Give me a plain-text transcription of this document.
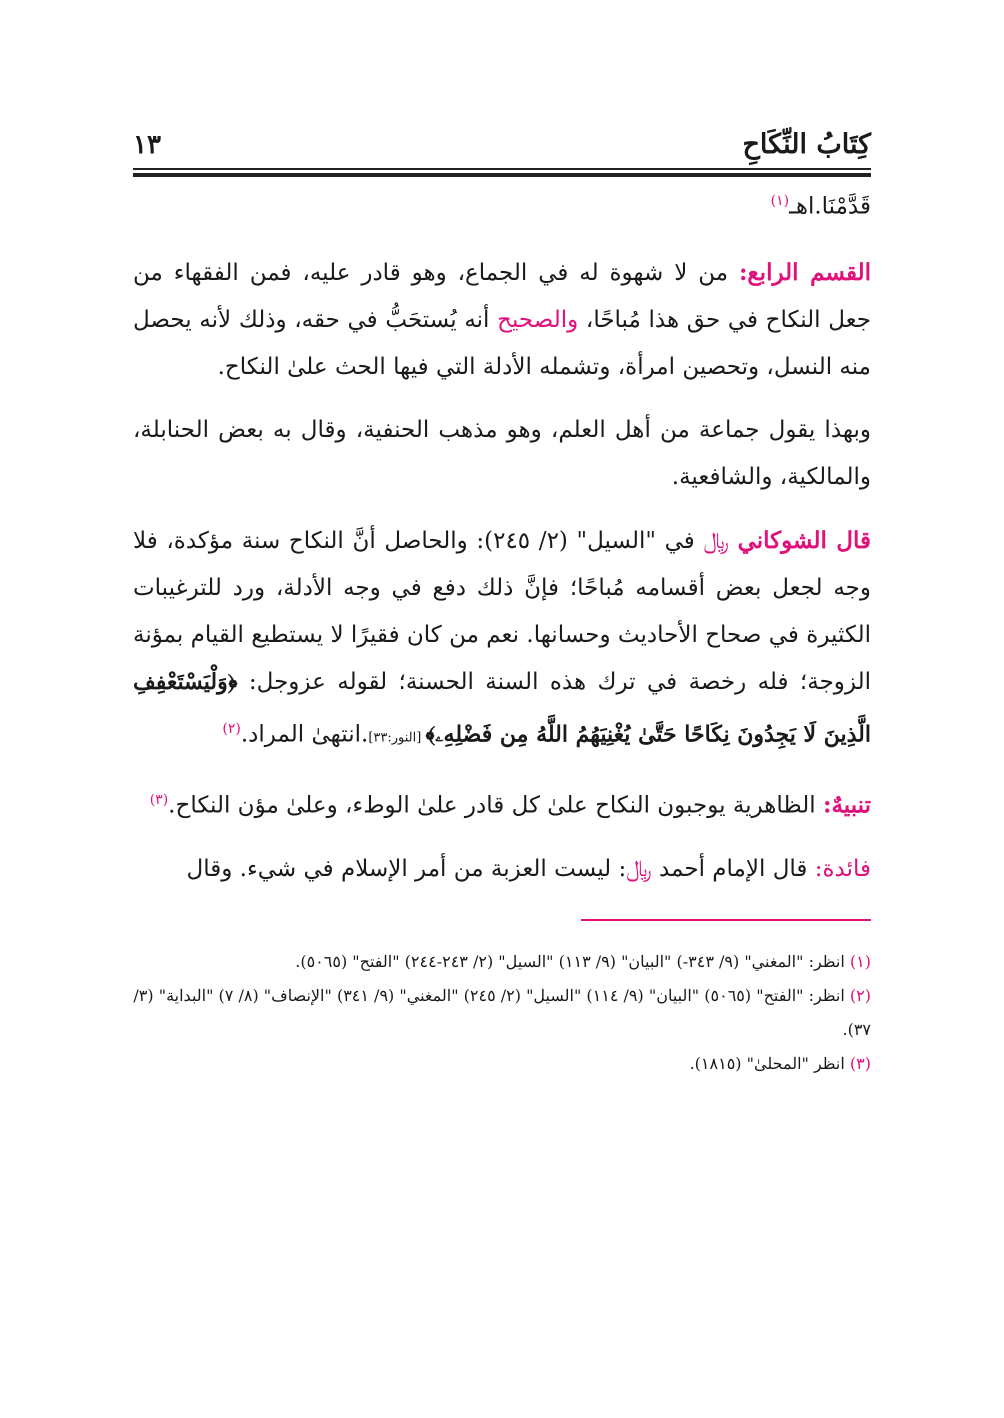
كِتَابُ النِّكَاحِ
١٣

قَدَّمْنَا.اهـ$^{(١)}$

القسم الرابع: من لا شهوة له في الجماع، وهو قادر عليه، فمن الفقهاء من جعل النكاح في حق هذا مُباحًا، والصحيح أنه يُستحَبُّ في حقه، وذلك لأنه يحصل منه النسل، وتحصين امرأة، وتشمله الأدلة التي فيها الحث علىٰ النكاح.

وبهذا يقول جماعة من أهل العلم، وهو مذهب الحنفية، وقال به بعض الحنابلة، والمالكية، والشافعية.

قال الشوكاني ﷼ في "السيل" (٢/ ٢٤٥): والحاصل أنَّ النكاح سنة مؤكدة، فلا وجه لجعل بعض أقسامه مُباحًا؛ فإنَّ ذلك دفع في وجه الأدلة، ورد للترغيبات الكثيرة في صحاح الأحاديث وحسانها. نعم من كان فقيرًا لا يستطيع القيام بمؤنة الزوجة؛ فله رخصة في ترك هذه السنة الحسنة؛ لقوله عزوجل: ﴿وَلْيَسْتَعْفِفِ الَّذِينَ لَا يَجِدُونَ نِكَاحًا حَتَّىٰ يُغْنِيَهُمُ اللَّهُ مِن فَضْلِهِۦ﴾ [النور:٣٣].انتهىٰ المراد.$^{(٢)}$

تنبيهٌ: الظاهرية يوجبون النكاح علىٰ كل قادر علىٰ الوطء، وعلىٰ مؤن النكاح.$^{(٣)}$

فائدة: قال الإمام أحمد ﷼: ليست العزبة من أمر الإسلام في شيء. وقال

(١) انظر: "المغني" (٩/ ٣٤٣-) "البيان" (٩/ ١١٣) "السيل" (٢/ ٢٤٣-٢٤٤) "الفتح" (٥٠٦٥).

(٢) انظر: "الفتح" (٥٠٦٥) "البيان" (٩/ ١١٤) "السيل" (٢/ ٢٤٥) "المغني" (٩/ ٣٤١) "الإنصاف" (٨/ ٧) "البداية" (٣/ ٣٧).

(٣) انظر "المحلىٰ" (١٨١٥).
